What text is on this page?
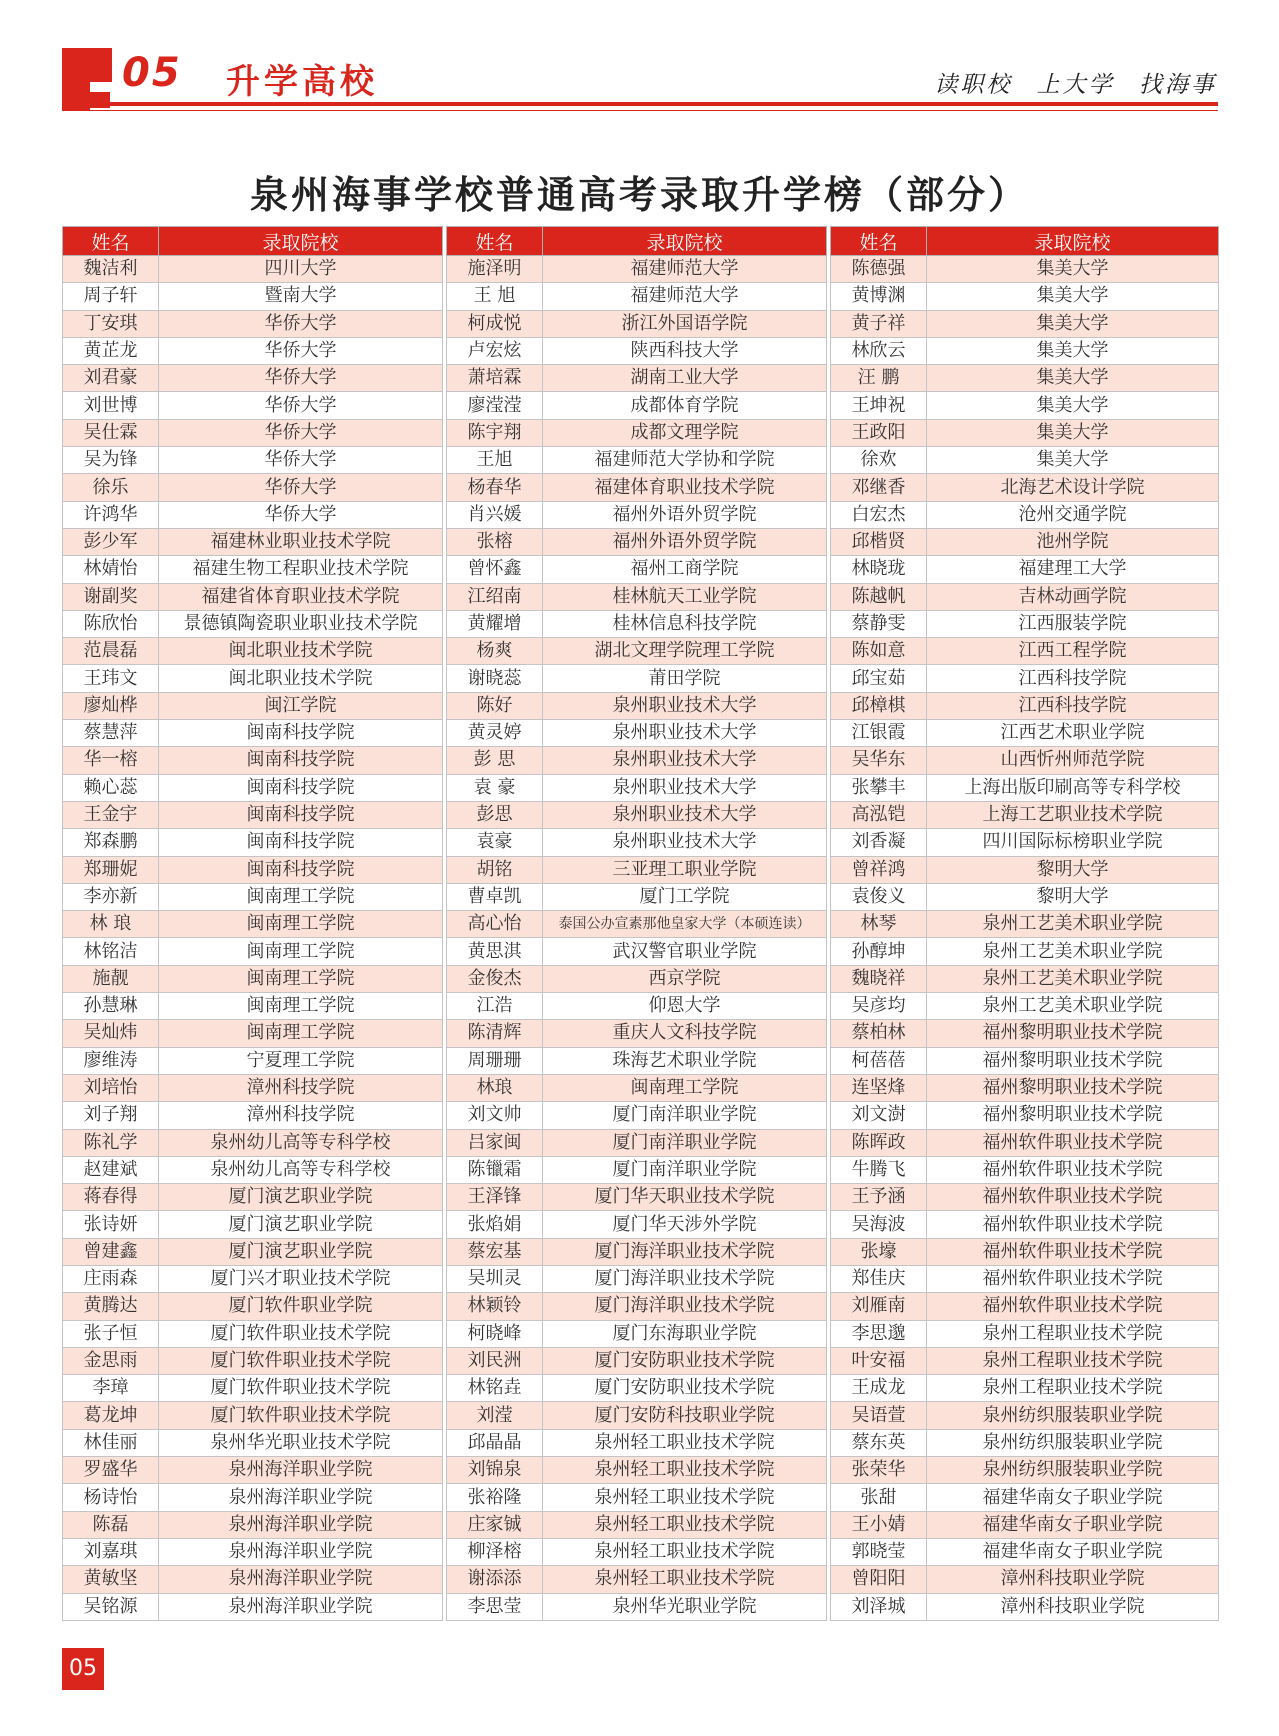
05 升学高校	读职校 上大学 找海事
泉州海事学校普通高考录取升学榜（部分）
姓名	录取院校
魏洁利	四川大学
周子轩	暨南大学
丁安琪	华侨大学
黄芷龙	华侨大学
刘君豪	华侨大学
刘世博	华侨大学
吴仕霖	华侨大学
吴为锋	华侨大学
徐乐	华侨大学
许鸿华	华侨大学
彭少军	福建林业职业技术学院
林婧怡	福建生物工程职业技术学院
谢副奖	福建省体育职业技术学院
陈欣怡	景德镇陶瓷职业职业技术学院
范晨磊	闽北职业技术学院
王玮文	闽北职业技术学院
廖灿桦	闽江学院
蔡慧萍	闽南科技学院
华一榕	闽南科技学院
赖心蕊	闽南科技学院
王金宇	闽南科技学院
郑森鹏	闽南科技学院
郑珊妮	闽南科技学院
李亦新	闽南理工学院
林 琅	闽南理工学院
林铭洁	闽南理工学院
施靓	闽南理工学院
孙慧琳	闽南理工学院
吴灿炜	闽南理工学院
廖维涛	宁夏理工学院
刘培怡	漳州科技学院
刘子翔	漳州科技学院
陈礼学	泉州幼儿高等专科学校
赵建斌	泉州幼儿高等专科学校
蒋春得	厦门演艺职业学院
张诗妍	厦门演艺职业学院
曾建鑫	厦门演艺职业学院
庄雨森	厦门兴才职业技术学院
黄腾达	厦门软件职业学院
张子恒	厦门软件职业技术学院
金思雨	厦门软件职业技术学院
李璋	厦门软件职业技术学院
葛龙坤	厦门软件职业技术学院
林佳丽	泉州华光职业技术学院
罗盛华	泉州海洋职业学院
杨诗怡	泉州海洋职业学院
陈磊	泉州海洋职业学院
刘嘉琪	泉州海洋职业学院
黄敏坚	泉州海洋职业学院
吴铭源	泉州海洋职业学院
姓名	录取院校
施泽明	福建师范大学
王 旭	福建师范大学
柯成悦	浙江外国语学院
卢宏炫	陕西科技大学
萧培霖	湖南工业大学
廖滢滢	成都体育学院
陈宇翔	成都文理学院
王旭	福建师范大学协和学院
杨春华	福建体育职业技术学院
肖兴媛	福州外语外贸学院
张榕	福州外语外贸学院
曾怀鑫	福州工商学院
江绍南	桂林航天工业学院
黄耀增	桂林信息科技学院
杨爽	湖北文理学院理工学院
谢晓蕊	莆田学院
陈好	泉州职业技术大学
黄灵婷	泉州职业技术大学
彭 思	泉州职业技术大学
袁 豪	泉州职业技术大学
彭思	泉州职业技术大学
袁豪	泉州职业技术大学
胡铭	三亚理工职业学院
曹卓凯	厦门工学院
高心怡	泰国公办宣素那他皇家大学（本硕连读）
黄思淇	武汉警官职业学院
金俊杰	西京学院
江浩	仰恩大学
陈清辉	重庆人文科技学院
周珊珊	珠海艺术职业学院
林琅	闽南理工学院
刘文帅	厦门南洋职业学院
吕家闽	厦门南洋职业学院
陈镴霜	厦门南洋职业学院
王泽锋	厦门华天职业技术学院
张焰娟	厦门华天涉外学院
蔡宏基	厦门海洋职业技术学院
吴圳灵	厦门海洋职业技术学院
林颖铃	厦门海洋职业技术学院
柯晓峰	厦门东海职业学院
刘民洲	厦门安防职业技术学院
林铭垚	厦门安防职业技术学院
刘滢	厦门安防科技职业学院
邱晶晶	泉州轻工职业技术学院
刘锦泉	泉州轻工职业技术学院
张裕隆	泉州轻工职业技术学院
庄家铖	泉州轻工职业技术学院
柳泽榕	泉州轻工职业技术学院
谢添添	泉州轻工职业技术学院
李思莹	泉州华光职业学院
姓名	录取院校
陈德强	集美大学
黄博渊	集美大学
黄子祥	集美大学
林欣云	集美大学
汪 鹏	集美大学
王坤祝	集美大学
王政阳	集美大学
徐欢	集美大学
邓继香	北海艺术设计学院
白宏杰	沧州交通学院
邱楷贤	池州学院
林晓珑	福建理工大学
陈越帆	吉林动画学院
蔡静雯	江西服装学院
陈如意	江西工程学院
邱宝茹	江西科技学院
邱樟棋	江西科技学院
江银霞	江西艺术职业学院
吴华东	山西忻州师范学院
张攀丰	上海出版印刷高等专科学校
高泓铠	上海工艺职业技术学院
刘香凝	四川国际标榜职业学院
曾祥鸿	黎明大学
袁俊义	黎明大学
林琴	泉州工艺美术职业学院
孙醇坤	泉州工艺美术职业学院
魏晓祥	泉州工艺美术职业学院
吴彦均	泉州工艺美术职业学院
蔡柏林	福州黎明职业技术学院
柯蓓蓓	福州黎明职业技术学院
连坚烽	福州黎明职业技术学院
刘文澍	福州黎明职业技术学院
陈晖政	福州软件职业技术学院
牛腾飞	福州软件职业技术学院
王予涵	福州软件职业技术学院
吴海波	福州软件职业技术学院
张壕	福州软件职业技术学院
郑佳庆	福州软件职业技术学院
刘雁南	福州软件职业技术学院
李思邈	泉州工程职业技术学院
叶安福	泉州工程职业技术学院
王成龙	泉州工程职业技术学院
吴语萱	泉州纺织服装职业学院
蔡东英	泉州纺织服装职业学院
张荣华	泉州纺织服装职业学院
张甜	福建华南女子职业学院
王小婧	福建华南女子职业学院
郭晓莹	福建华南女子职业学院
曾阳阳	漳州科技职业学院
刘泽城	漳州科技职业学院
05
